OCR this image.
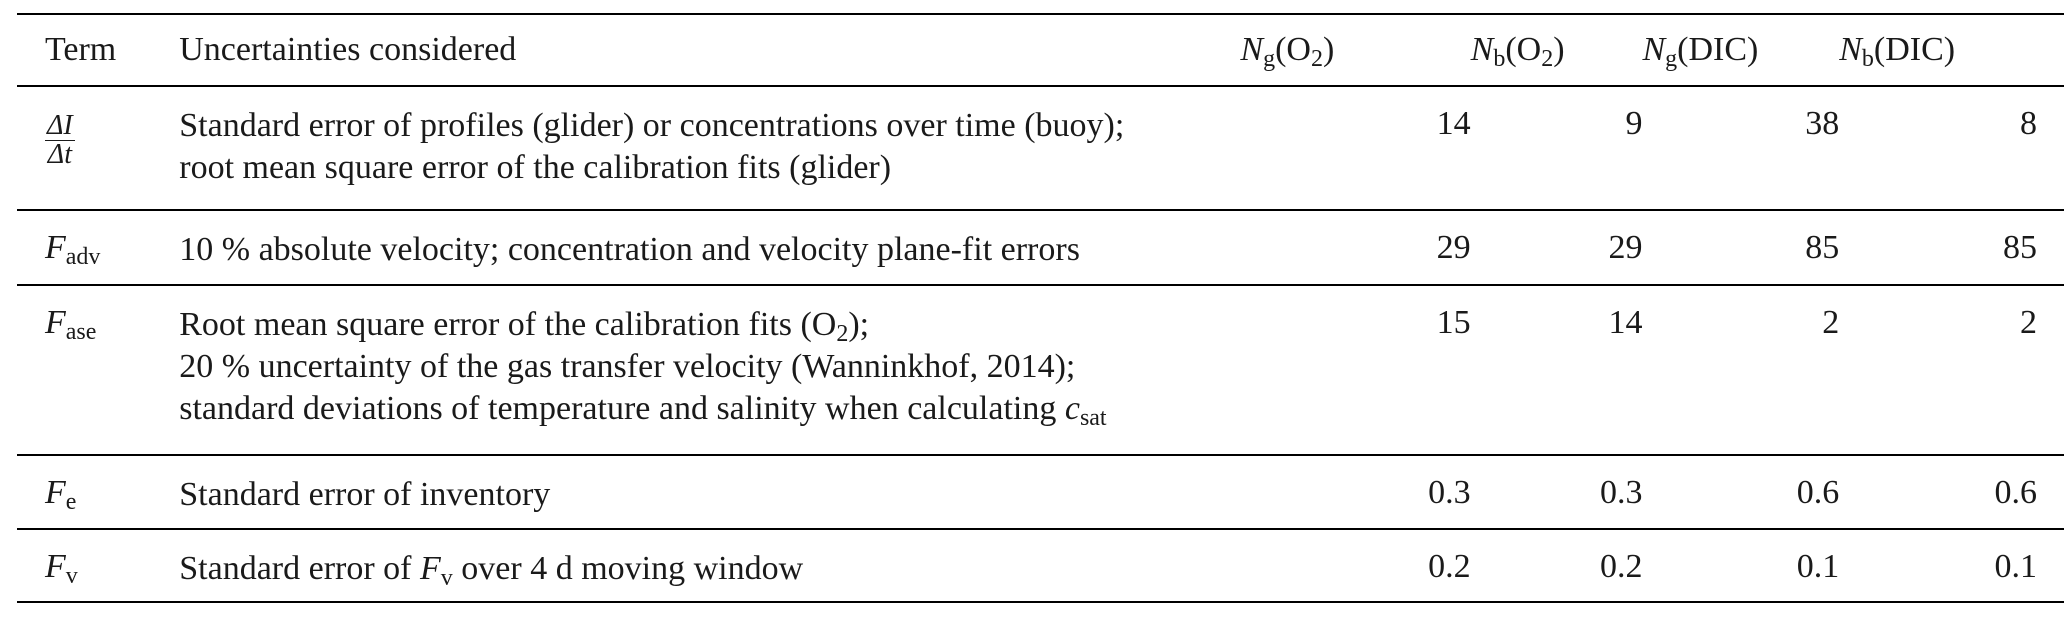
Term	Uncertainties considered	$N_g(O_2)$	$N_b(O_2)$	$N_g(DIC)$	$N_b(DIC)$

$\frac{\Delta I}{\Delta t}$	Standard error of profiles (glider) or concentrations over time (buoy);
root mean square error of the calibration fits (glider)	14	9	38	8
$F_{adv}$	10 % absolute velocity; concentration and velocity plane-fit errors	29	29	85	85
$F_{ase}$	Root mean square error of the calibration fits $(O_2)$;
20 % uncertainty of the gas transfer velocity (Wanninkhof, 2014);
standard deviations of temperature and salinity when calculating $c_{sat}$	15	14	2	2
$F_e$	Standard error of inventory	0.3	0.3	0.6	0.6
$F_v$	Standard error of $F_v$ over 4 d moving window	0.2	0.2	0.1	0.1
